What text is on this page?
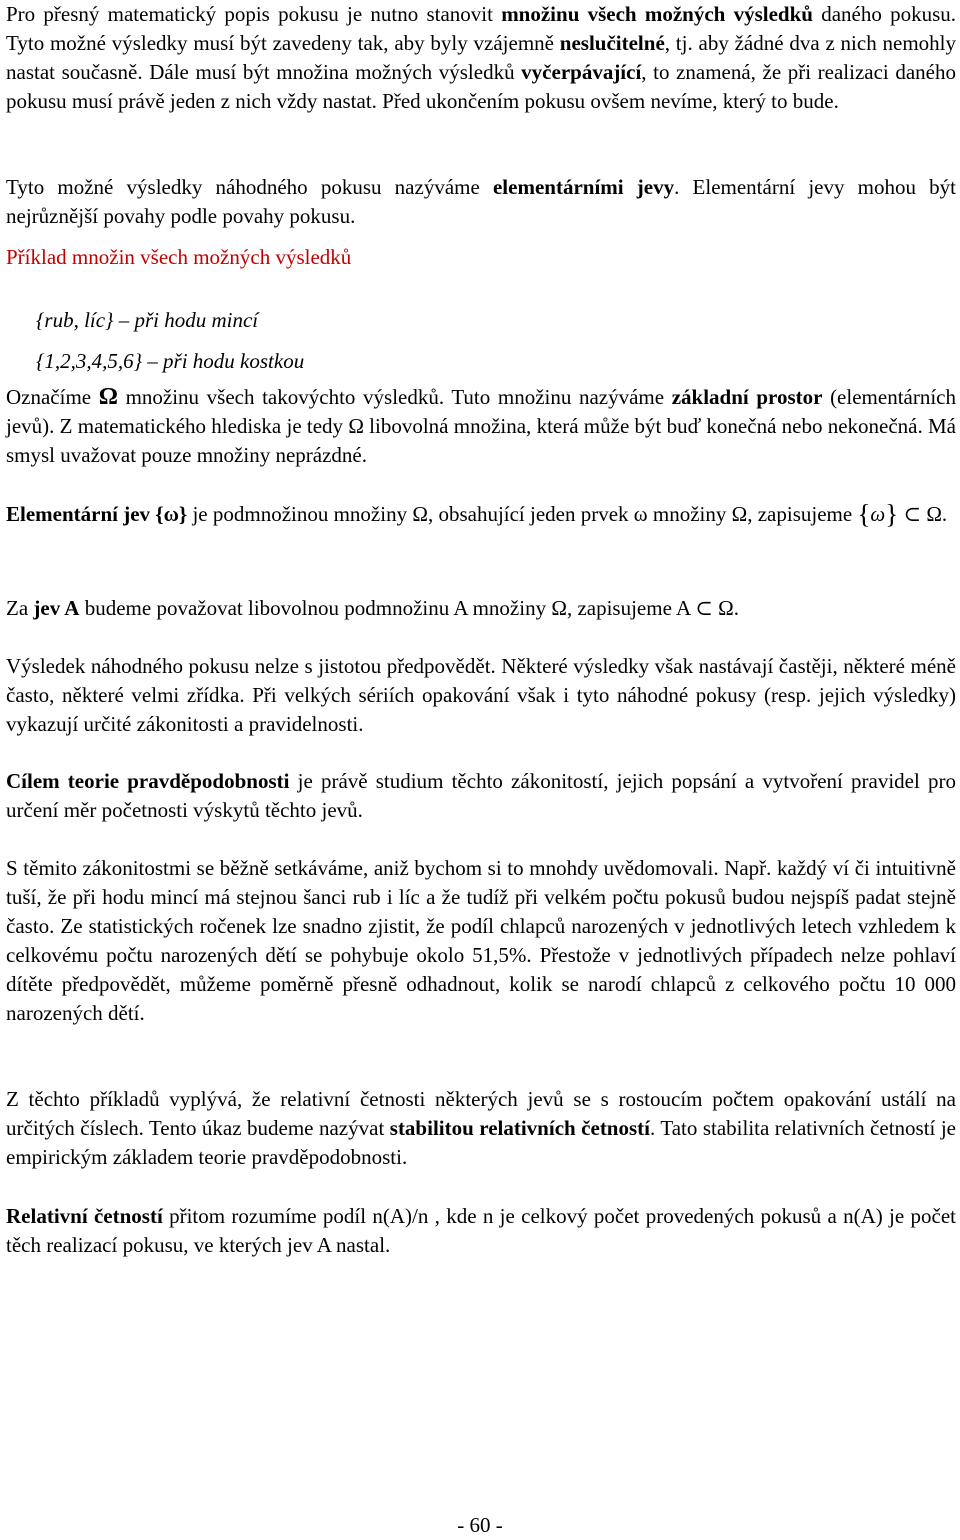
Pro přesný matematický popis pokusu je nutno stanovit množinu všech možných výsledků daného pokusu. Tyto možné výsledky musí být zavedeny tak, aby byly vzájemně neslučitelné, tj. aby žádné dva z nich nemohly nastat současně. Dále musí být množina možných výsledků vyčerpávající, to znamená, že při realizaci daného pokusu musí právě jeden z nich vždy nastat. Před ukončením pokusu ovšem nevíme, který to bude.

Tyto možné výsledky náhodného pokusu nazýváme elementárními jevy. Elementární jevy mohou být nejrůznější povahy podle povahy pokusu.

Příklad množin všech možných výsledků

{rub, líc} – při hodu mincí

{1,2,3,4,5,6} – při hodu kostkou

Označíme Ω množinu všech takovýchto výsledků. Tuto množinu nazýváme základní prostor (elementárních jevů). Z matematického hlediska je tedy Ω libovolná množina, která může být buď konečná nebo nekonečná. Má smysl uvažovat pouze množiny neprázdné.

Elementární jev {ω} je podmnožinou množiny Ω, obsahující jeden prvek ω množiny Ω, zapisujeme {ω} ⊂ Ω.

Za jev A budeme považovat libovolnou podmnožinu A množiny Ω, zapisujeme A ⊂ Ω.

Výsledek náhodného pokusu nelze s jistotou předpovědět. Některé výsledky však nastávají častěji, některé méně často, některé velmi zřídka. Při velkých sériích opakování však i tyto náhodné pokusy (resp. jejich výsledky) vykazují určité zákonitosti a pravidelnosti.

Cílem teorie pravděpodobnosti je právě studium těchto zákonitostí, jejich popsání a vytvoření pravidel pro určení měr početnosti výskytů těchto jevů.

S těmito zákonitostmi se běžně setkáváme, aniž bychom si to mnohdy uvědomovali. Např. každý ví či intuitivně tuší, že při hodu mincí má stejnou šanci rub i líc a že tudíž při velkém počtu pokusů budou nejspíš padat stejně často. Ze statistických ročenek lze snadno zjistit, že podíl chlapců narozených v jednotlivých letech vzhledem k celkovému počtu narozených dětí se pohybuje okolo 51,5%. Přestože v jednotlivých případech nelze pohlaví dítěte předpovědět, můžeme poměrně přesně odhadnout, kolik se narodí chlapců z celkového počtu 10 000 narozených dětí.

Z těchto příkladů vyplývá, že relativní četnosti některých jevů se s rostoucím počtem opakování ustálí na určitých číslech. Tento úkaz budeme nazývat stabilitou relativních četností. Tato stabilita relativních četností je empirickým základem teorie pravděpodobnosti.

Relativní četností přitom rozumíme podíl n(A)/n , kde n je celkový počet provedených pokusů a n(A) je počet těch realizací pokusu, ve kterých jev A nastal.

- 60 -
